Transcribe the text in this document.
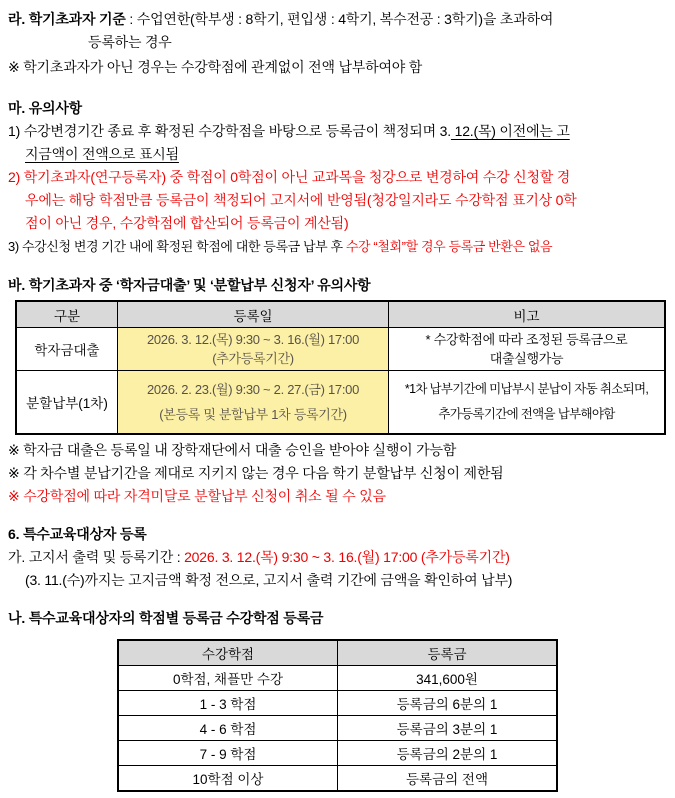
라. 학기초과자 기준 : 수업연한(학부생 : 8학기, 편입생 : 4학기, 복수전공 : 3학기)을 초과하여

등록하는 경우

※ 학기초과자가 아닌 경우는 수강학점에 관계없이 전액 납부하여야 함

마. 유의사항

1) 수강변경기간 종료 후 확정된 수강학점을 바탕으로 등록금이 책정되며 3. 12.(목) 이전에는 고

지금액이 전액으로 표시됨

2) 학기초과자(연구등록자) 중 학점이 0학점이 아닌 교과목을 청강으로 변경하여 수강 신청할 경

우에는 해당 학점만큼 등록금이 책정되어 고지서에 반영됨(청강일지라도 수강학점 표기상 0학

점이 아닌 경우, 수강학점에 합산되어 등록금이 계산됨)

3) 수강신청 변경 기간 내에 확정된 학점에 대한 등록금 납부 후 수강 “철회”할 경우 등록금 반환은 없음

바. 학기초과자 중 ‘학자금대출’ 및 ‘분할납부 신청자’ 유의사항

구분	등록일	비고
학자금대출	
2026. 3. 12.(목) 9:30 ~ 3. 16.(월) 17:00
(추가등록기간)

* 수강학점에 따라 조정된 등록금으로
대출실행가능

분할납부(1차)	
2026. 2. 23.(월) 9:30 ~ 2. 27.(금) 17:00
(본등록 및 분할납부 1차 등록기간)

*1차 납부기간에 미납부시 분납이 자동 취소되며,
추가등록기간에 전액을 납부해야함

※ 학자금 대출은 등록일 내 장학재단에서 대출 승인을 받아야 실행이 가능함

※ 각 차수별 분납기간을 제대로 지키지 않는 경우 다음 학기 분할납부 신청이 제한됨

※ 수강학점에 따라 자격미달로 분할납부 신청이 취소 될 수 있음

6. 특수교육대상자 등록

가. 고지서 출력 및 등록기간 : 2026. 3. 12.(목) 9:30 ~ 3. 16.(월) 17:00 (추가등록기간)

(3. 11.(수)까지는 고지금액 확정 전으로, 고지서 출력 기간에 금액을 확인하여 납부)

나. 특수교육대상자의 학점별 등록금 수강학점 등록금

수강학점	등록금
0학점, 채플만 수강	341,600원
1 - 3 학점	등록금의 6분의 1
4 - 6 학점	등록금의 3분의 1
7 - 9 학점	등록금의 2분의 1
10학점 이상	등록금의 전액
